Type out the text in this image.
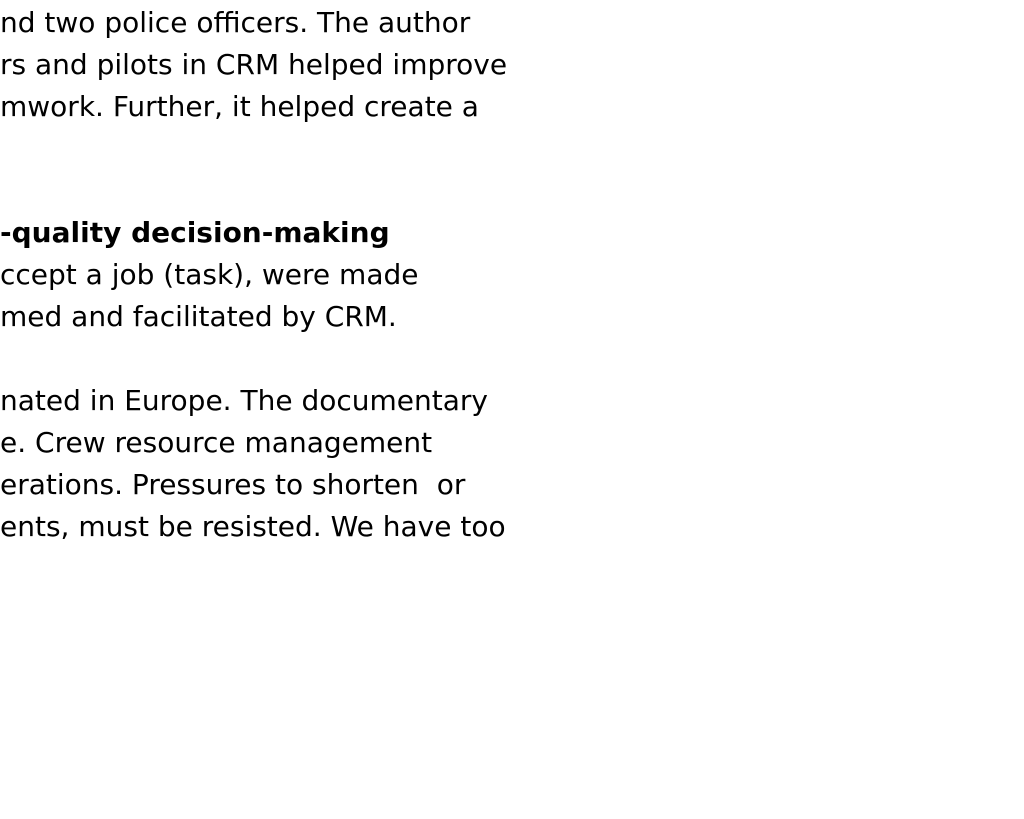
nd two police officers. The author
rs and pilots in CRM helped improve
mwork. Further, it helped create a
-quality decision-making
ccept a job (task), were made
med and facilitated by CRM.
nated in Europe. The documentary
e. Crew resource management
erations. Pressures to shorten  or
ents, must be resisted. We have too
